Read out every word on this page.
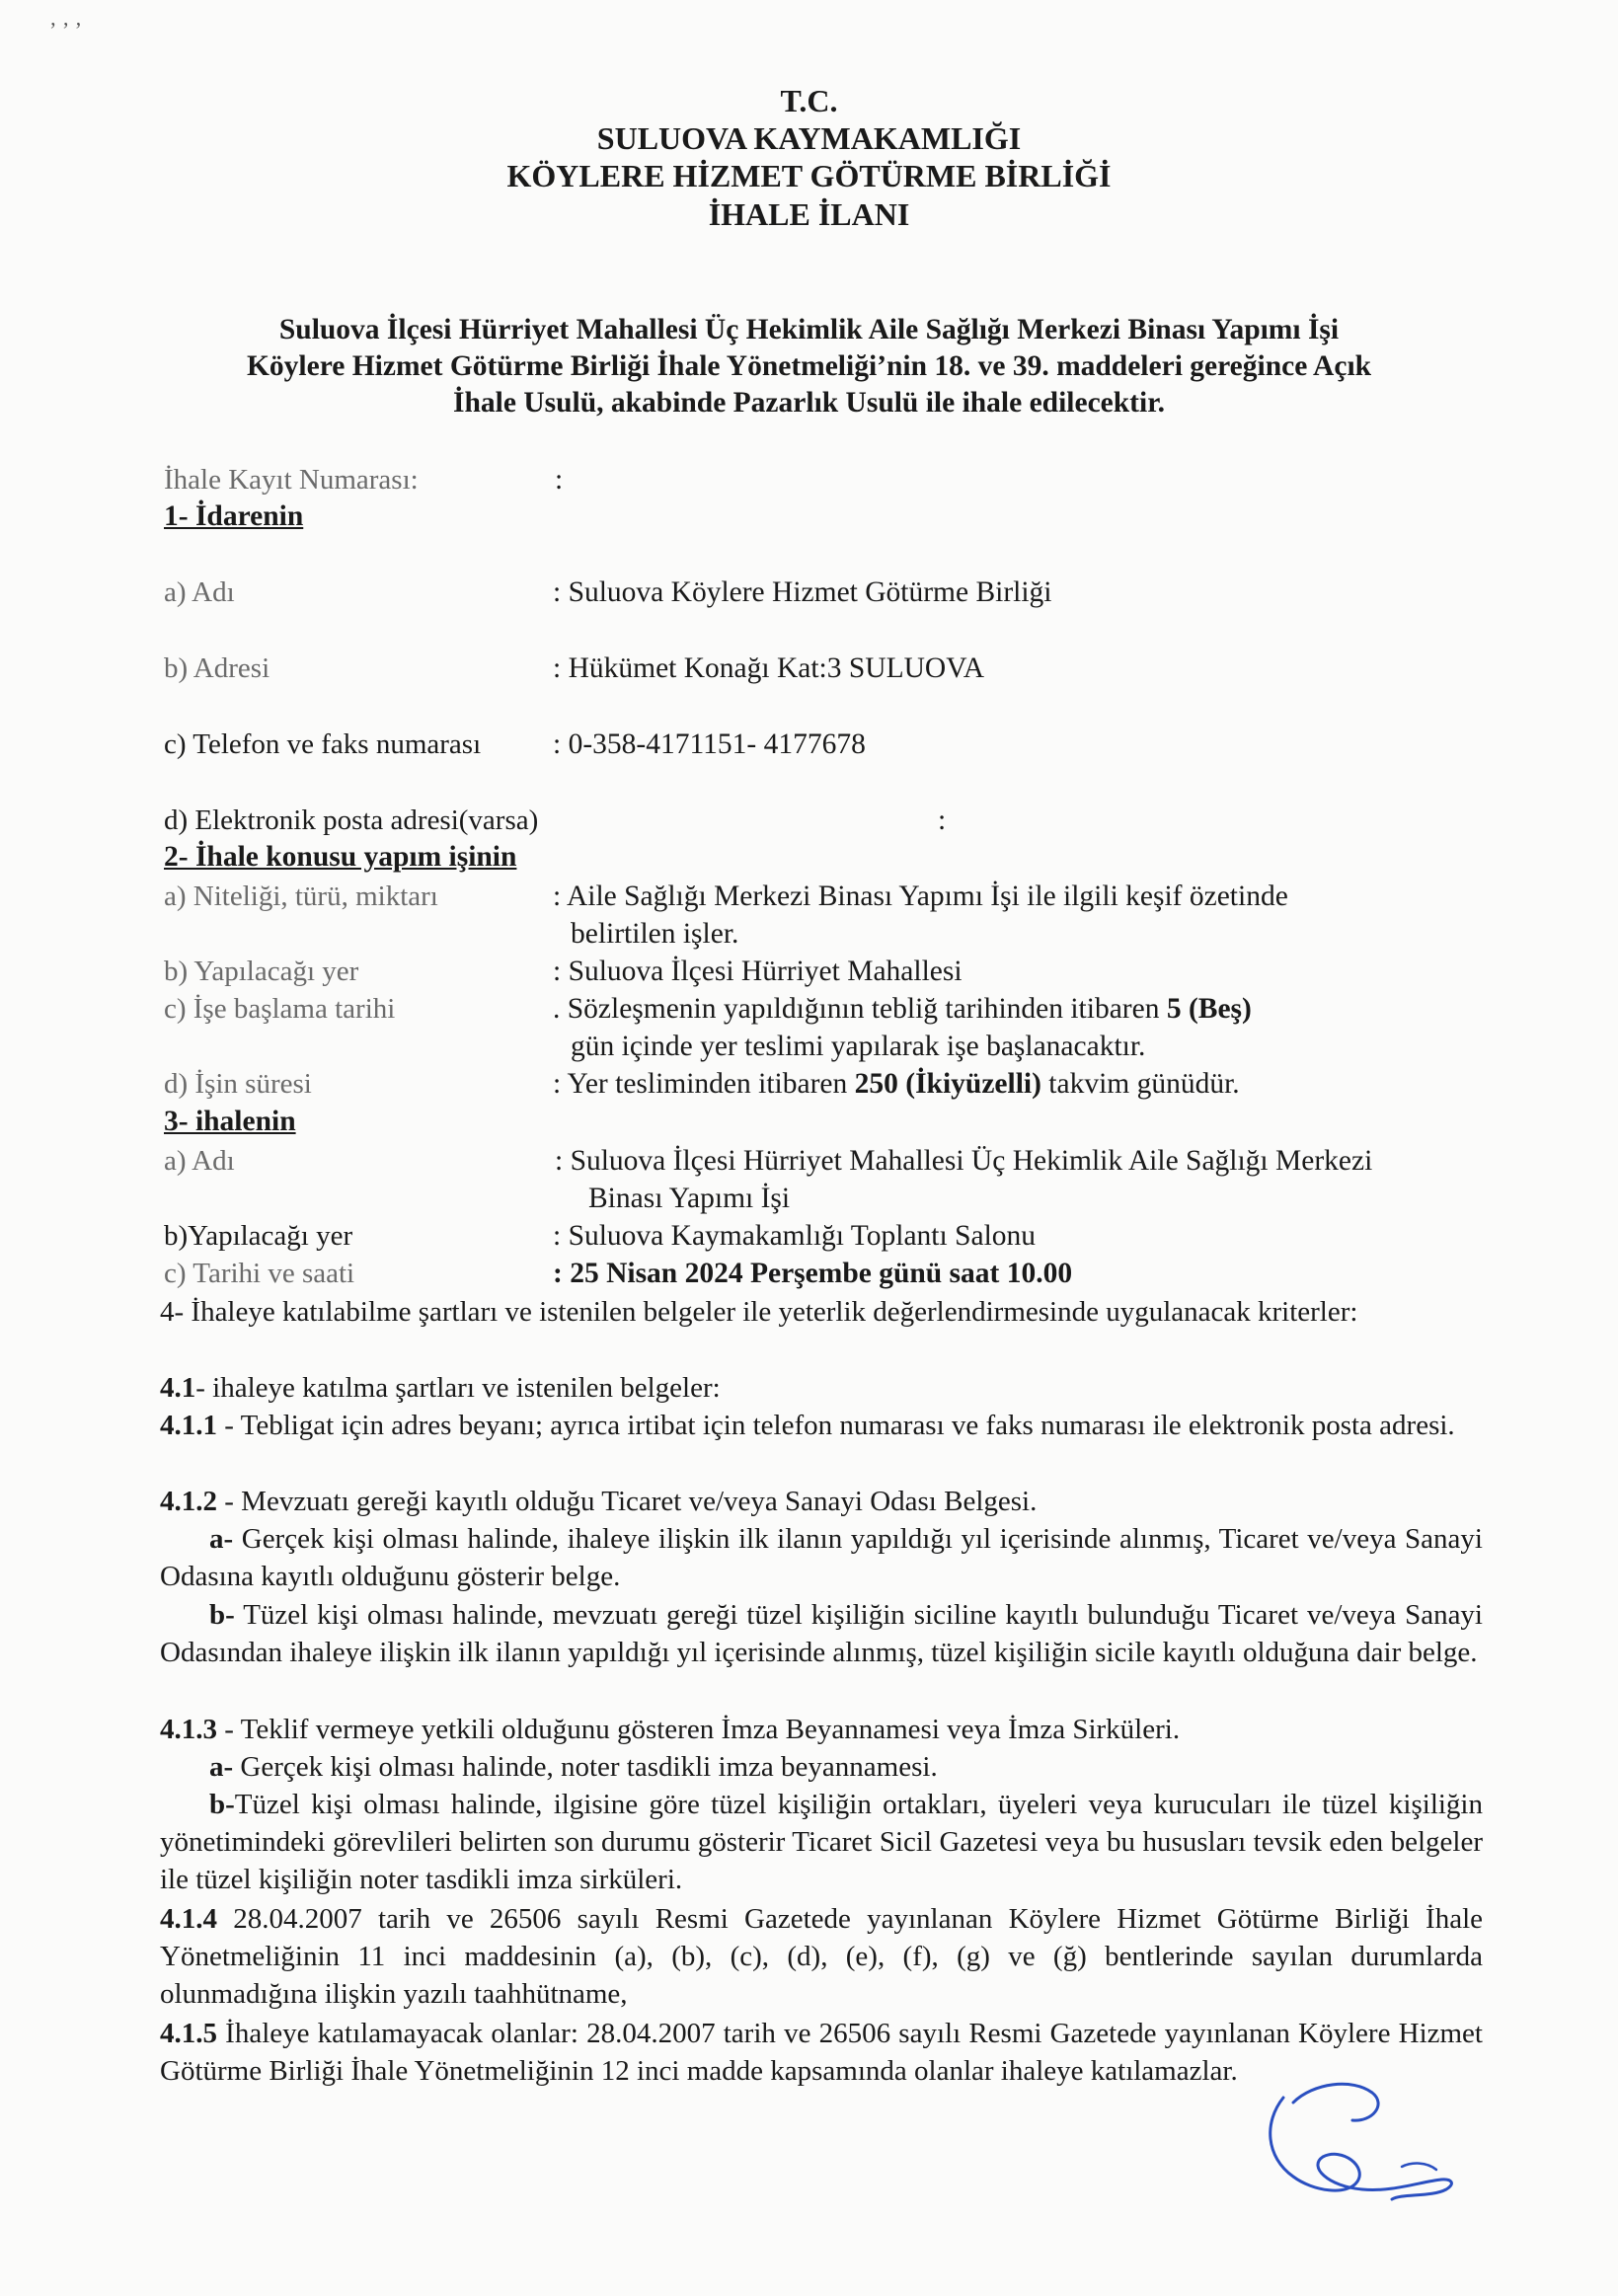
ʼ ʼ ʼ
T.C.
SULUOVA KAYMAKAMLIĞI
KÖYLERE HİZMET GÖTÜRME BİRLİĞİ
İHALE İLANI
Suluova İlçesi Hürriyet Mahallesi Üç Hekimlik Aile Sağlığı Merkezi Binası Yapımı İşi
Köylere Hizmet Götürme Birliği İhale Yönetmeliği’nin 18. ve 39. maddeleri gereğince Açık
İhale Usulü, akabinde Pazarlık Usulü ile ihale edilecektir.
İhale Kayıt Numarası:	:
1- İdarenin
a) Adı	: Suluova Köylere Hizmet Götürme Birliği
b) Adresi	: Hükümet Konağı Kat:3 SULUOVA
c) Telefon ve faks numarası : 0-358-4171151- 4177678
d) Elektronik posta adresi(varsa)	:
2- İhale konusu yapım işinin
a) Niteliği, türü, miktarı	: Aile Sağlığı Merkezi Binası Yapımı İşi ile ilgili keşif özetinde
belirtilen işler.
b) Yapılacağı yer	: Suluova İlçesi Hürriyet Mahallesi
c) İşe başlama tarihi	. Sözleşmenin yapıldığının tebliğ tarihinden itibaren 5 (Beş)
gün içinde yer teslimi yapılarak işe başlanacaktır.
d) İşin süresi	: Yer tesliminden itibaren 250 (İkiyüzelli) takvim günüdür.
3- ihalenin
a) Adı	: Suluova İlçesi Hürriyet Mahallesi Üç Hekimlik Aile Sağlığı Merkezi
Binası Yapımı İşi
b)Yapılacağı yer	: Suluova Kaymakamlığı Toplantı Salonu
c) Tarihi ve saati	: 25 Nisan 2024 Perşembe günü saat 10.00
4- İhaleye katılabilme şartları ve istenilen belgeler ile yeterlik değerlendirmesinde uygulanacak kriterler:
4.1- ihaleye katılma şartları ve istenilen belgeler:
4.1.1 - Tebligat için adres beyanı; ayrıca irtibat için telefon numarası ve faks numarası ile elektronik posta adresi.
4.1.2 - Mevzuatı gereği kayıtlı olduğu Ticaret ve/veya Sanayi Odası Belgesi.
a- Gerçek kişi olması halinde, ihaleye ilişkin ilk ilanın yapıldığı yıl içerisinde alınmış, Ticaret ve/veya Sanayi Odasına kayıtlı olduğunu gösterir belge.
b- Tüzel kişi olması halinde, mevzuatı gereği tüzel kişiliğin siciline kayıtlı bulunduğu Ticaret ve/veya Sanayi Odasından ihaleye ilişkin ilk ilanın yapıldığı yıl içerisinde alınmış, tüzel kişiliğin sicile kayıtlı olduğuna dair belge.
4.1.3 - Teklif vermeye yetkili olduğunu gösteren İmza Beyannamesi veya İmza Sirküleri.
a- Gerçek kişi olması halinde, noter tasdikli imza beyannamesi.
b-Tüzel kişi olması halinde, ilgisine göre tüzel kişiliğin ortakları, üyeleri veya kurucuları ile tüzel kişiliğin yönetimindeki görevlileri belirten son durumu gösterir Ticaret Sicil Gazetesi veya bu hususları tevsik eden belgeler ile tüzel kişiliğin noter tasdikli imza sirküleri.
4.1.4 28.04.2007 tarih ve 26506 sayılı Resmi Gazetede yayınlanan Köylere Hizmet Götürme Birliği İhale Yönetmeliğinin 11 inci maddesinin (a), (b), (c), (d), (e), (f), (g) ve (ğ) bentlerinde sayılan durumlarda olunmadığına ilişkin yazılı taahhütname,
4.1.5 İhaleye katılamayacak olanlar: 28.04.2007 tarih ve 26506 sayılı Resmi Gazetede yayınlanan Köylere Hizmet Götürme Birliği İhale Yönetmeliğinin 12 inci madde kapsamında olanlar ihaleye katılamazlar.
